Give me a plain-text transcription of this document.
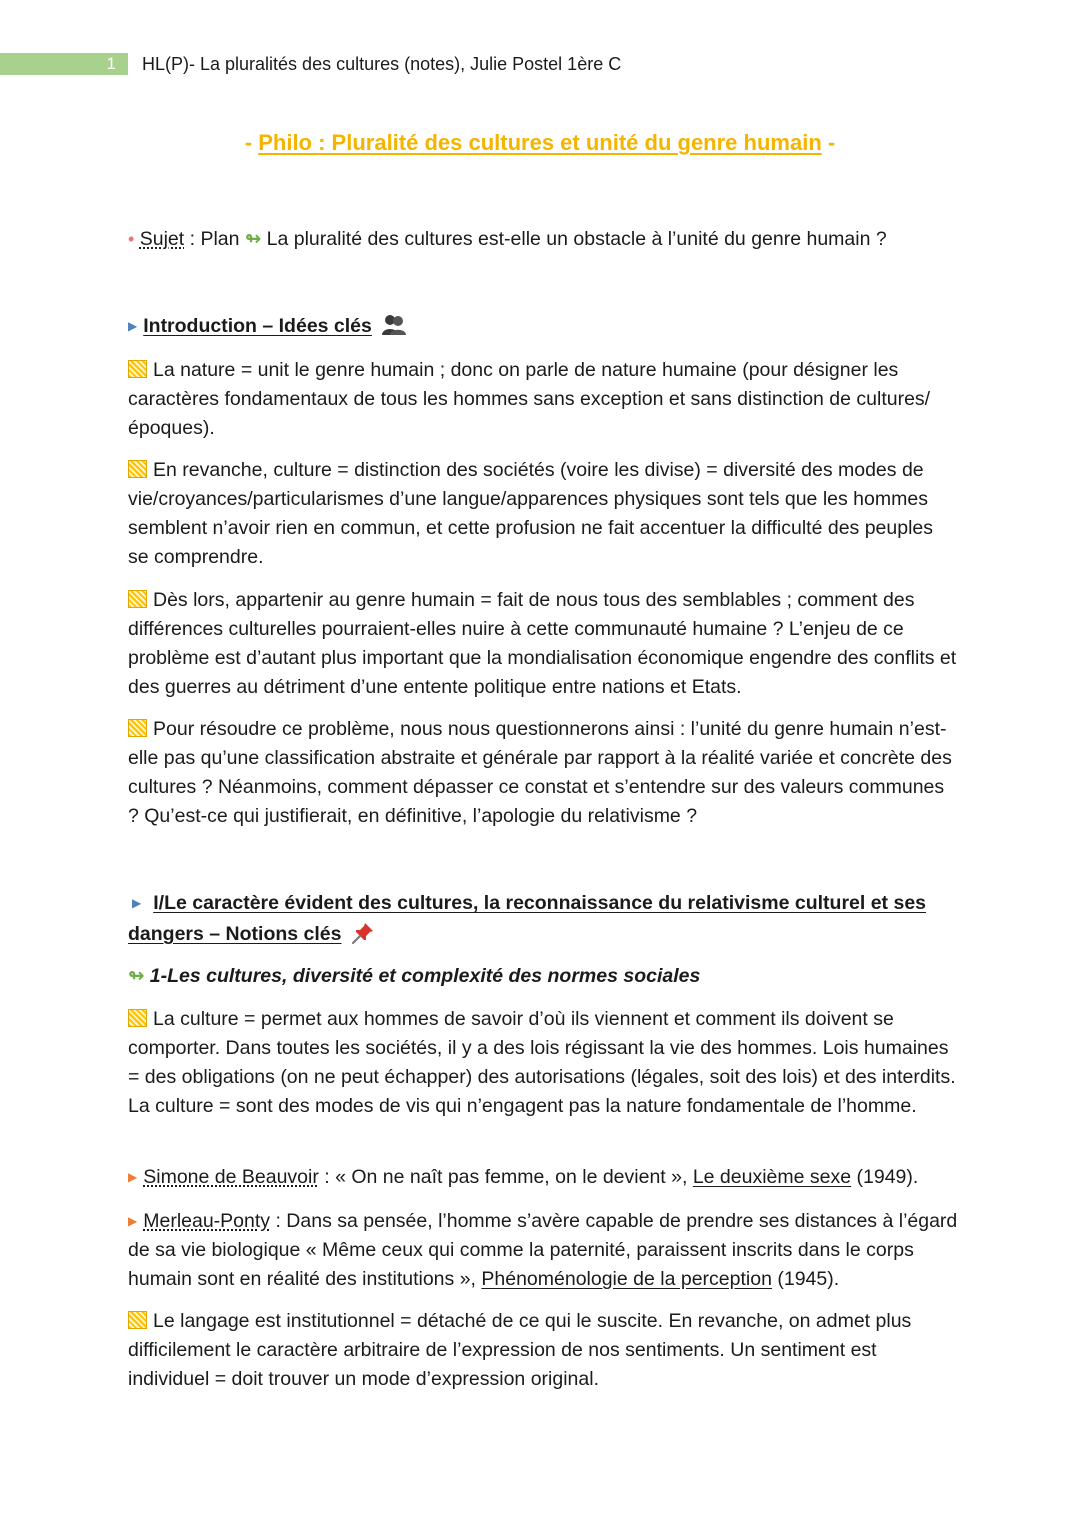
1 HL(P)- La pluralités des cultures (notes), Julie Postel 1ère C
- Philo : Pluralité des cultures et unité du genre humain -
• Sujet : Plan ↬ La pluralité des cultures est-elle un obstacle à l’unité du genre humain ?
▶ Introduction – Idées clés

La nature = unit le genre humain ; donc on parle de nature humaine (pour désigner les caractères fondamentaux de tous les hommes sans exception et sans distinction de cultures/époques).

En revanche, culture = distinction des sociétés (voire les divise) = diversité des modes de vie/croyances/particularismes d’une langue/apparences physiques sont tels que les hommes semblent n’avoir rien en commun, et cette profusion ne fait accentuer la difficulté des peuples se comprendre.

Dès lors, appartenir au genre humain = fait de nous tous des semblables ; comment des différences culturelles pourraient-elles nuire à cette communauté humaine ? L’enjeu de ce problème est d’autant plus important que la mondialisation économique engendre des conflits et des guerres au détriment d’une entente politique entre nations et Etats.

Pour résoudre ce problème, nous nous questionnerons ainsi : l’unité du genre humain n’est-elle pas qu’une classification abstraite et générale par rapport à la réalité variée et concrète des cultures ? Néanmoins, comment dépasser ce constat et s’entendre sur des valeurs communes ? Qu’est-ce qui justifierait, en définitive, l’apologie du relativisme ?

▶ I/Le caractère évident des cultures, la reconnaissance du relativisme culturel et ses
dangers – Notions clés
↬ 1-Les cultures, diversité et complexité des normes sociales

La culture = permet aux hommes de savoir d’où ils viennent et comment ils doivent se comporter. Dans toutes les sociétés, il y a des lois régissant la vie des hommes. Lois humaines = des obligations (on ne peut échapper) des autorisations (légales, soit des lois) et des interdits. La culture = sont des modes de vis qui n’engagent pas la nature fondamentale de l’homme.

▶ Simone de Beauvoir : « On ne naît pas femme, on le devient », Le deuxième sexe (1949).

▶ Merleau-Ponty : Dans sa pensée, l’homme s’avère capable de prendre ses distances à l’égard de sa vie biologique « Même ceux qui comme la paternité, paraissent inscrits dans le corps humain sont en réalité des institutions », Phénoménologie de la perception (1945).

Le langage est institutionnel = détaché de ce qui le suscite. En revanche, on admet plus difficilement le caractère arbitraire de l’expression de nos sentiments. Un sentiment est individuel = doit trouver un mode d’expression original.
